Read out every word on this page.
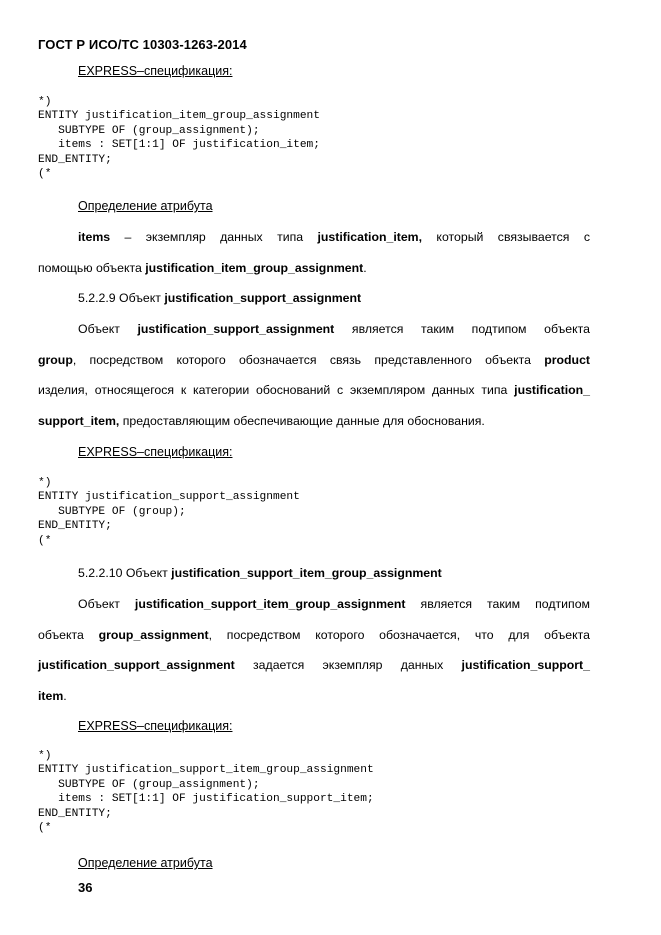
ГОСТ Р ИСО/ТС 10303-1263-2014
EXPRESS–спецификация:
*)
ENTITY justification_item_group_assignment
SUBTYPE OF (group_assignment);
items : SET[1:1] OF justification_item;
END_ENTITY;
(*
Определение атрибута
items – экземпляр данных типа justification_item, который связывается с
помощью объекта justification_item_group_assignment.
5.2.2.9 Объект justification_support_assignment
Объект justification_support_assignment является таким подтипом объекта
group, посредством которого обозначается связь представленного объекта product
изделия, относящегося к категории обоснований с экземпляром данных типа justification_
support_item, предоставляющим обеспечивающие данные для обоснования.
EXPRESS–спецификация:
*)
ENTITY justification_support_assignment
SUBTYPE OF (group);
END_ENTITY;
(*
5.2.2.10 Объект justification_support_item_group_assignment
Объект justification_support_item_group_assignment является таким подтипом
объекта group_assignment, посредством которого обозначается, что для объекта
justification_support_assignment задается экземпляр данных justification_support_
item.
EXPRESS–спецификация:
*)
ENTITY justification_support_item_group_assignment
SUBTYPE OF (group_assignment);
items : SET[1:1] OF justification_support_item;
END_ENTITY;
(*
Определение атрибута
36
